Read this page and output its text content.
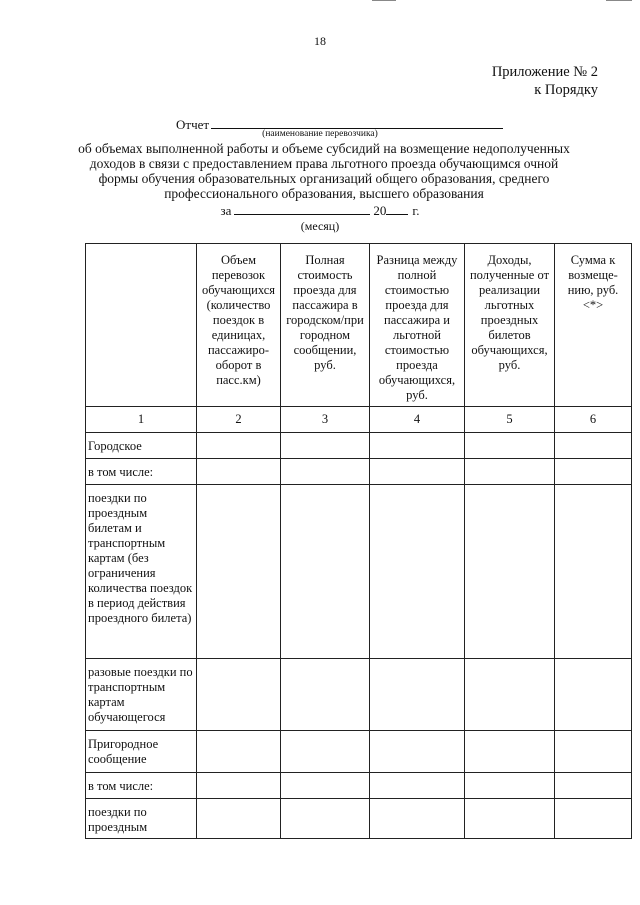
18
Приложение № 2
к Порядку
Отчет
(наименование перевозчика)
об объемах выполненной работы и объеме субсидий на возмещение недополученных доходов в связи с предоставлением права льготного проезда обучающимся очной формы обучения образовательных организаций общего образования, среднего профессионального образования, высшего образования
за	20 г.
(месяц)
	Объем перевозок обучающихся (количество поездок в единицах, пассажиро-оборот в пасс.км)	Полная стоимость проезда для пассажира в городском/при городном сообщении, руб.	Разница между полной стоимостью проезда для пассажира и льготной стоимостью проезда обучающихся, руб.	Доходы, полученные от реализации льготных проездных билетов обучающихся, руб.	Сумма к возмеще-нию, руб. <*>
1	2	3	4	5	6
Городское					
в том числе:					
поездки по проездным билетам и транспортным картам (без ограничения количества поездок в период действия проездного билета)					
разовые поездки по транспортным картам обучающегося					
Пригородное сообщение					
в том числе:					
поездки по проездным					
